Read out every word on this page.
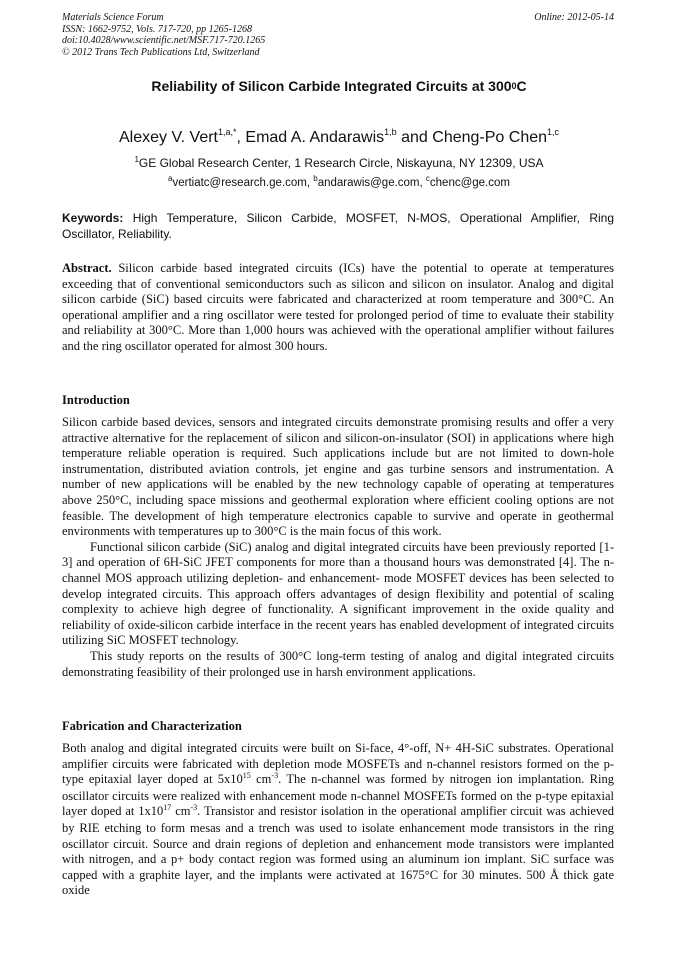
Materials Science Forum	Online: 2012-05-14
ISSN: 1662-9752, Vols. 717-720, pp 1265-1268
doi:10.4028/www.scientific.net/MSF.717-720.1265
© 2012 Trans Tech Publications Ltd, Switzerland
Reliability of Silicon Carbide Integrated Circuits at $300^0C$
Alexey V. Vert$^{1,a,*}$, Emad A. Andarawis$^{1,b}$ and Cheng-Po Chen$^{1,c}$
$^1$GE Global Research Center, 1 Research Circle, Niskayuna, NY 12309, USA
$^a$vertiatc@research.ge.com, $^b$andarawis@ge.com, $^c$chenc@ge.com
Keywords: High Temperature, Silicon Carbide, MOSFET, N-MOS, Operational Amplifier, Ring Oscillator, Reliability.

Abstract. Silicon carbide based integrated circuits (ICs) have the potential to operate at temperatures exceeding that of conventional semiconductors such as silicon and silicon on insulator. Analog and digital silicon carbide (SiC) based circuits were fabricated and characterized at room temperature and 300°C. An operational amplifier and a ring oscillator were tested for prolonged period of time to evaluate their stability and reliability at 300°C. More than 1,000 hours was achieved with the operational amplifier without failures and the ring oscillator operated for almost 300 hours.

Introduction

Silicon carbide based devices, sensors and integrated circuits demonstrate promising results and offer a very attractive alternative for the replacement of silicon and silicon-on-insulator (SOI) in applications where high temperature reliable operation is required. Such applications include but are not limited to down-hole instrumentation, distributed aviation controls, jet engine and gas turbine sensors and instrumentation. A number of new applications will be enabled by the new technology capable of operating at temperatures above 250°C, including space missions and geothermal exploration where efficient cooling options are not feasible. The development of high temperature electronics capable to survive and operate in geothermal environments with temperatures up to 300°C is the main focus of this work.

Functional silicon carbide (SiC) analog and digital integrated circuits have been previously reported [1-3] and operation of 6H-SiC JFET components for more than a thousand hours was demonstrated [4]. The n-channel MOS approach utilizing depletion- and enhancement- mode MOSFET devices has been selected to develop integrated circuits. This approach offers advantages of design flexibility and potential of scaling complexity to achieve high degree of functionality. A significant improvement in the oxide quality and reliability of oxide-silicon carbide interface in the recent years has enabled development of integrated circuits utilizing SiC MOSFET technology.

This study reports on the results of 300°C long-term testing of analog and digital integrated circuits demonstrating feasibility of their prolonged use in harsh environment applications.

Fabrication and Characterization

Both analog and digital integrated circuits were built on Si-face, 4°-off, N+ 4H-SiC substrates. Operational amplifier circuits were fabricated with depletion mode MOSFETs and n-channel resistors formed on the p-type epitaxial layer doped at $5x10^{15}$ $cm^{-3}$. The n-channel was formed by nitrogen ion implantation. Ring oscillator circuits were realized with enhancement mode n-channel MOSFETs formed on the p-type epitaxial layer doped at $1x10^{17}$ $cm^{-3}$. Transistor and resistor isolation in the operational amplifier circuit was achieved by RIE etching to form mesas and a trench was used to isolate enhancement mode transistors in the ring oscillator circuit. Source and drain regions of depletion and enhancement mode transistors were implanted with nitrogen, and a p+ body contact region was formed using an aluminum ion implant. SiC surface was capped with a graphite layer, and the implants were activated at 1675°C for 30 minutes. 500 Å thick gate oxide
